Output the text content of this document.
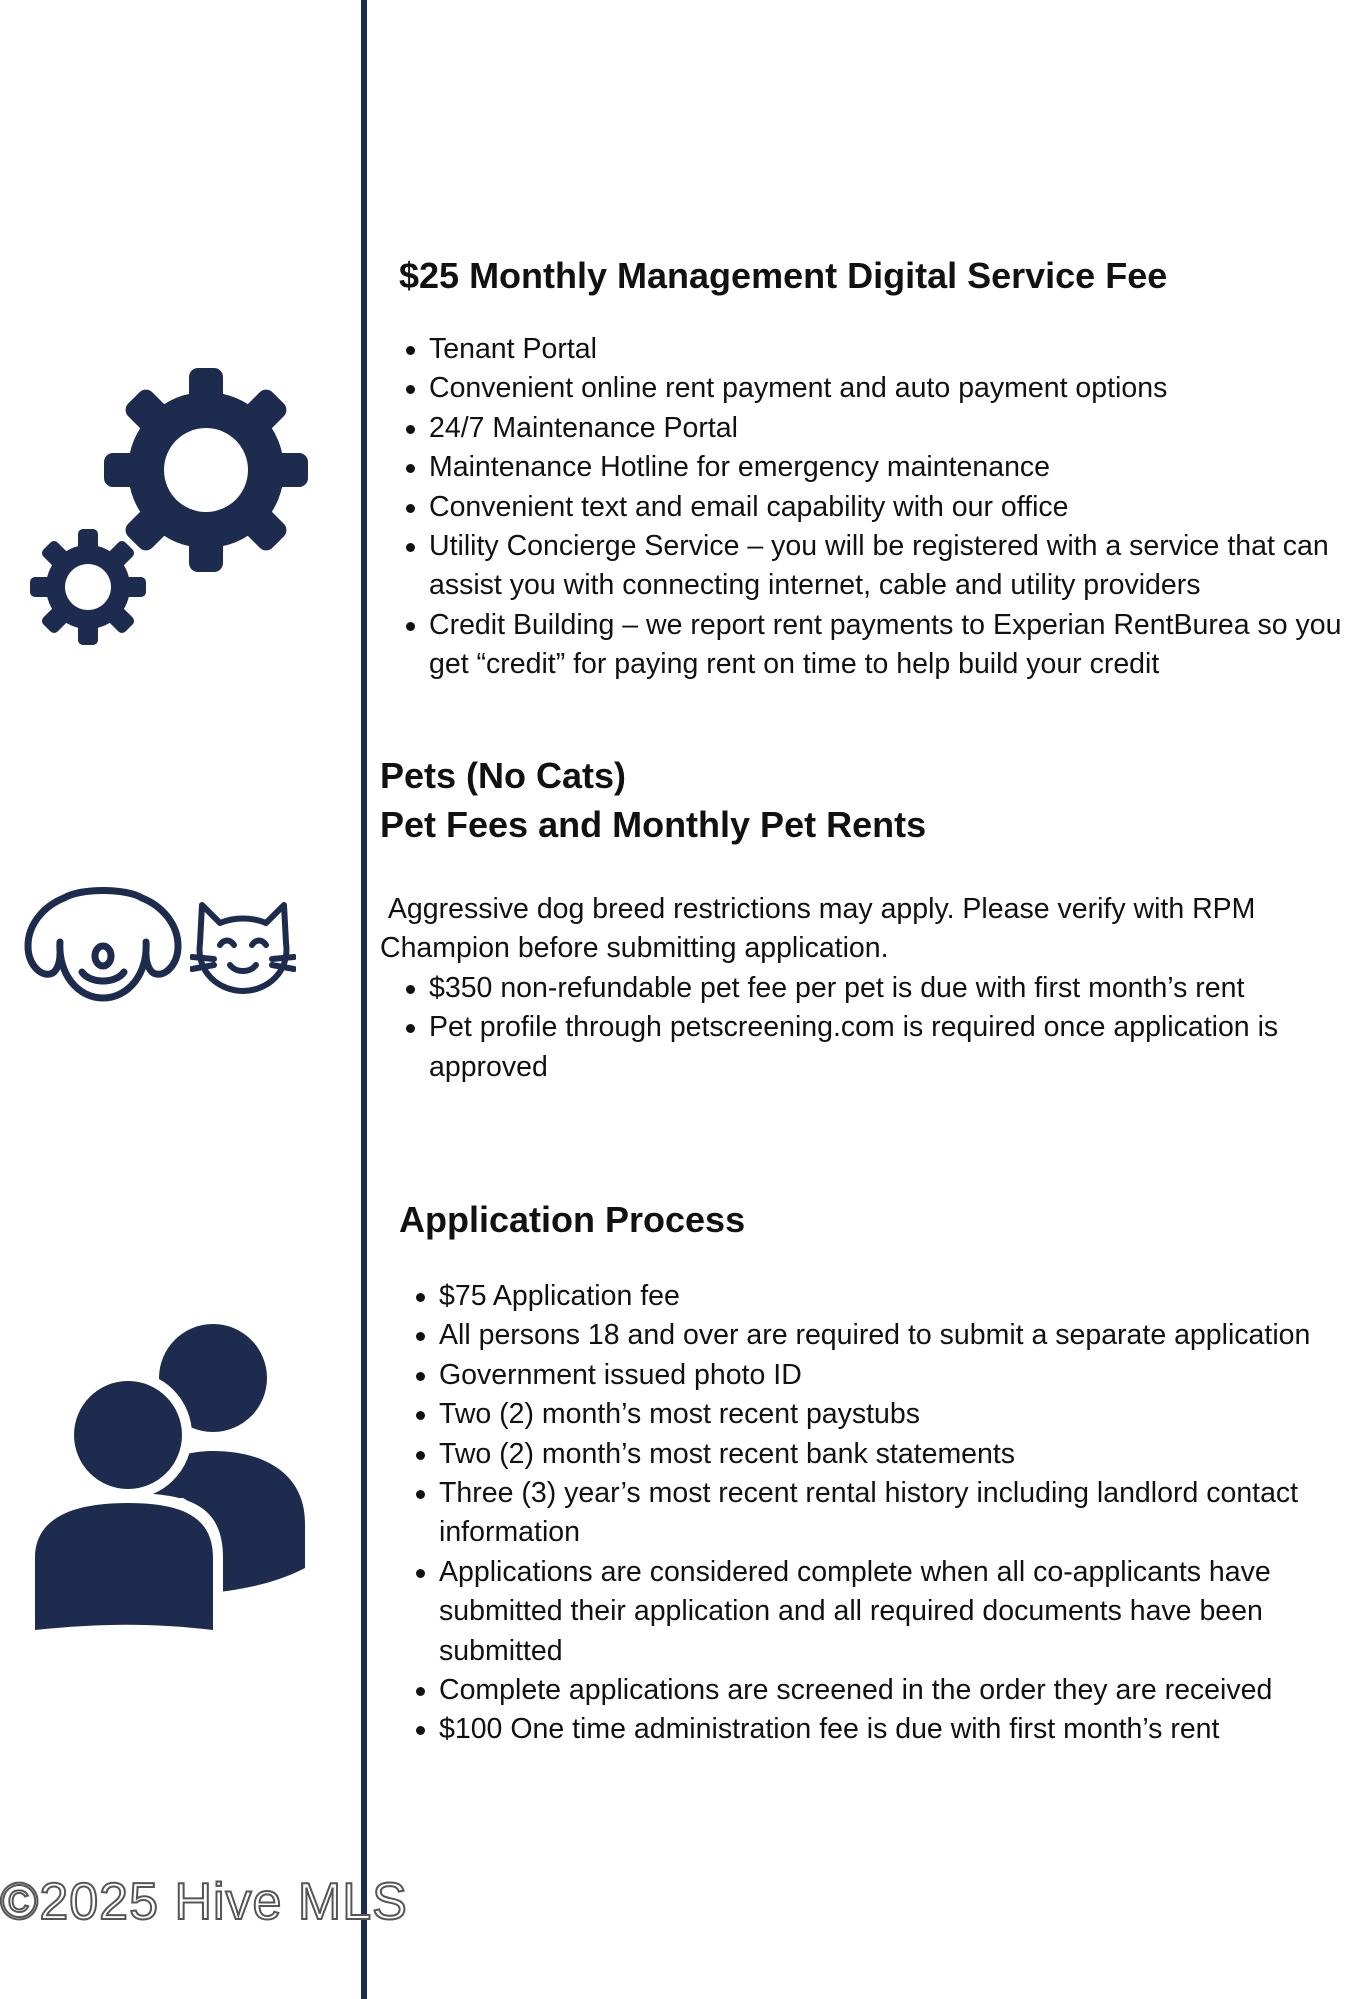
$25 Monthly Management Digital Service Fee
Tenant Portal
Convenient online rent payment and auto payment options
24/7 Maintenance Portal
Maintenance Hotline for emergency maintenance
Convenient text and email capability with our office
Utility Concierge Service – you will be registered with a service that can assist you with connecting internet, cable and utility providers
Credit Building – we report rent payments to Experian RentBurea so you get “credit” for paying rent on time to help build your credit
Pets (No Cats)
Pet Fees and Monthly Pet Rents

Aggressive dog breed restrictions may apply. Please verify with RPM Champion before submitting application.

$350 non-refundable pet fee per pet is due with first month’s rent
Pet profile through petscreening.com is required once application is approved
Application Process
$75 Application fee
All persons 18 and over are required to submit a separate application
Government issued photo ID
Two (2) month’s most recent paystubs
Two (2) month’s most recent bank statements
Three (3) year’s most recent rental history including landlord contact information
Applications are considered complete when all co-applicants have submitted their application and all required documents have been submitted
Complete applications are screened in the order they are received
$100 One time administration fee is due with first month’s rent
©2025 Hive MLS
